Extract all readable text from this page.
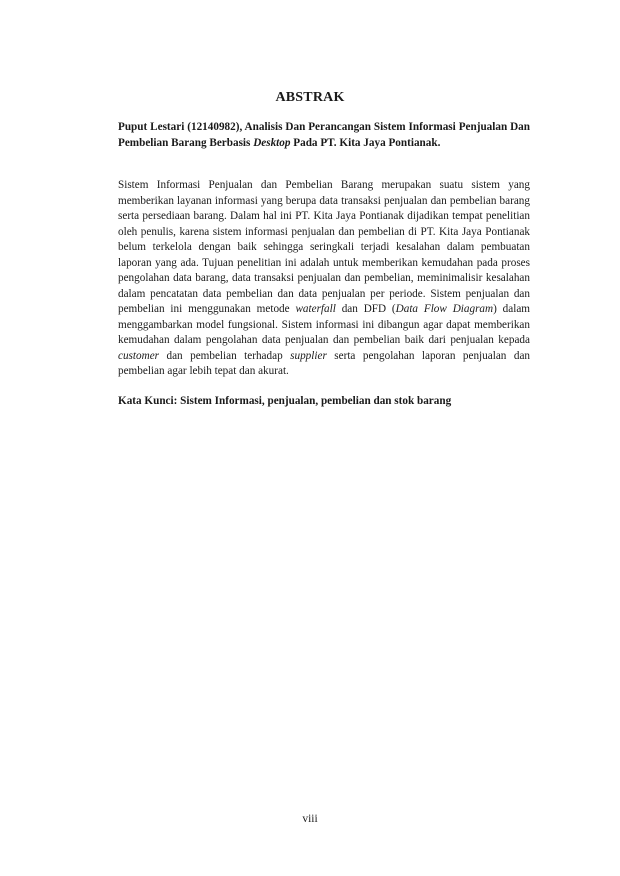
ABSTRAK
Puput Lestari (12140982), Analisis Dan Perancangan Sistem Informasi Penjualan Dan Pembelian Barang Berbasis Desktop Pada PT. Kita Jaya Pontianak.
Sistem Informasi Penjualan dan Pembelian Barang merupakan suatu sistem yang memberikan layanan informasi yang berupa data transaksi penjualan dan pembelian barang serta persediaan barang. Dalam hal ini PT. Kita Jaya Pontianak dijadikan tempat penelitian oleh penulis, karena sistem informasi penjualan dan pembelian di PT. Kita Jaya Pontianak belum terkelola dengan baik sehingga seringkali terjadi kesalahan dalam pembuatan laporan yang ada. Tujuan penelitian ini adalah untuk memberikan kemudahan pada proses pengolahan data barang, data transaksi penjualan dan pembelian, meminimalisir kesalahan dalam pencatatan data pembelian dan data penjualan per periode. Sistem penjualan dan pembelian ini menggunakan metode waterfall dan DFD (Data Flow Diagram) dalam menggambarkan model fungsional. Sistem informasi ini dibangun agar dapat memberikan kemudahan dalam pengolahan data penjualan dan pembelian baik dari penjualan kepada customer dan pembelian terhadap supplier serta pengolahan laporan penjualan dan pembelian agar lebih tepat dan akurat.
Kata Kunci: Sistem Informasi, penjualan, pembelian dan stok barang
viii
